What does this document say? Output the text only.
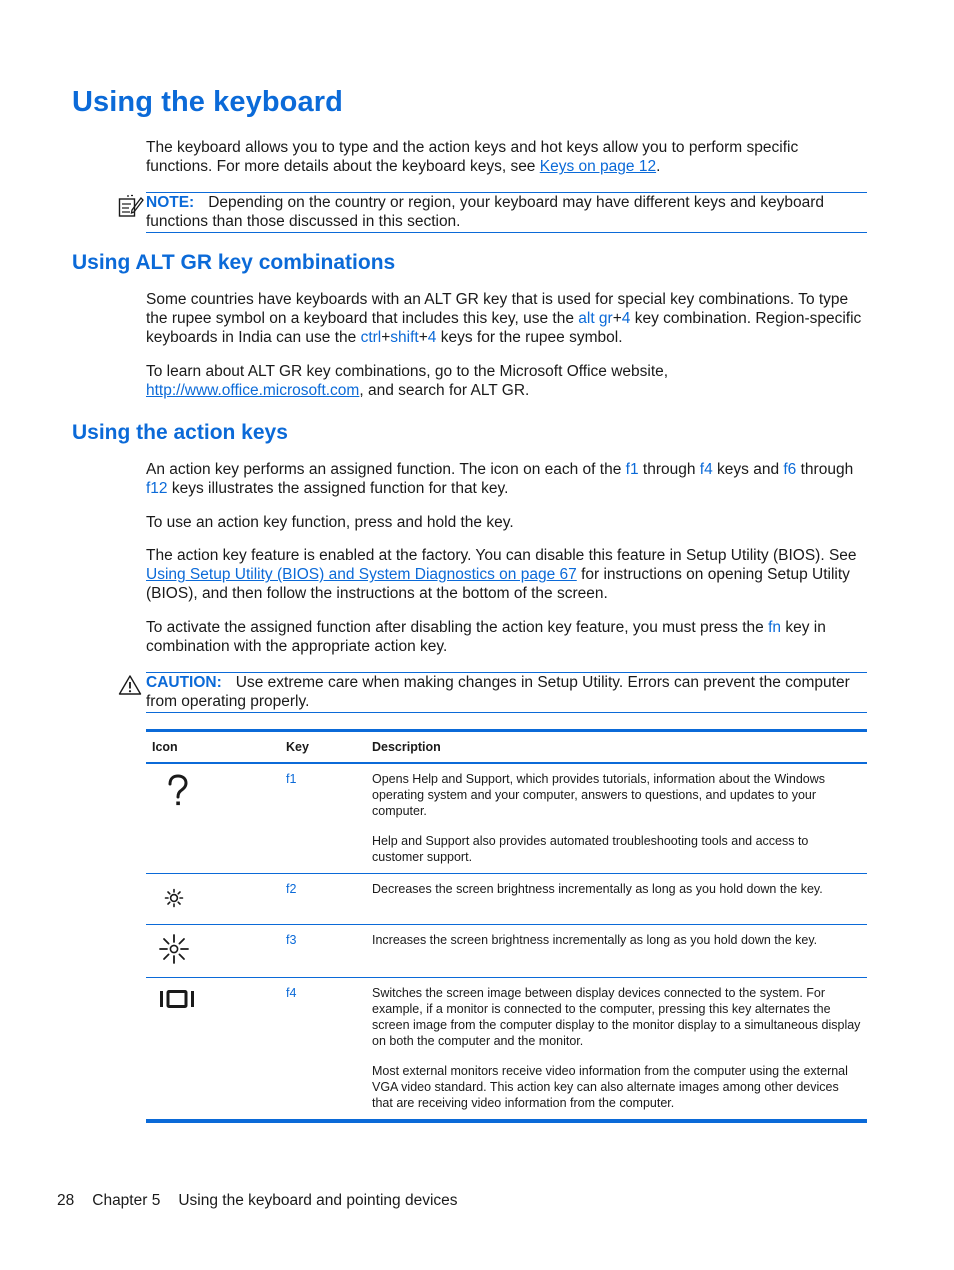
Using the keyboard

The keyboard allows you to type and the action keys and hot keys allow you to perform specific functions. For more details about the keyboard keys, see Keys on page 12.

NOTE: Depending on the country or region, your keyboard may have different keys and keyboard functions than those discussed in this section.
Using ALT GR key combinations

Some countries have keyboards with an ALT GR key that is used for special key combinations. To type the rupee symbol on a keyboard that includes this key, use the alt gr+4 key combination. Region-specific keyboards in India can use the ctrl+shift+4 keys for the rupee symbol.

To learn about ALT GR key combinations, go to the Microsoft Office website, http://www.office.microsoft.com, and search for ALT GR.

Using the action keys

An action key performs an assigned function. The icon on each of the f1 through f4 keys and f6 through f12 keys illustrates the assigned function for that key.

To use an action key function, press and hold the key.

The action key feature is enabled at the factory. You can disable this feature in Setup Utility (BIOS). See Using Setup Utility (BIOS) and System Diagnostics on page 67 for instructions on opening Setup Utility (BIOS), and then follow the instructions at the bottom of the screen.

To activate the assigned function after disabling the action key feature, you must press the fn key in combination with the appropriate action key.

CAUTION: Use extreme care when making changes in Setup Utility. Errors can prevent the computer from operating properly.
Icon	Key	Description
	f1	Opens Help and Support, which provides tutorials, information about the Windows operating system and your computer, answers to questions, and updates to your computer.

Help and Support also provides automated troubleshooting tools and access to customer support.

	f2	Decreases the screen brightness incrementally as long as you hold down the key.

	f3	Increases the screen brightness incrementally as long as you hold down the key.

	f4	Switches the screen image between display devices connected to the system. For example, if a monitor is connected to the computer, pressing this key alternates the screen image from the computer display to the monitor display to a simultaneous display on both the computer and the monitor.

Most external monitors receive video information from the computer using the external VGA video standard. This action key can also alternate images among other devices that are receiving video information from the computer.

28 Chapter 5 Using the keyboard and pointing devices
